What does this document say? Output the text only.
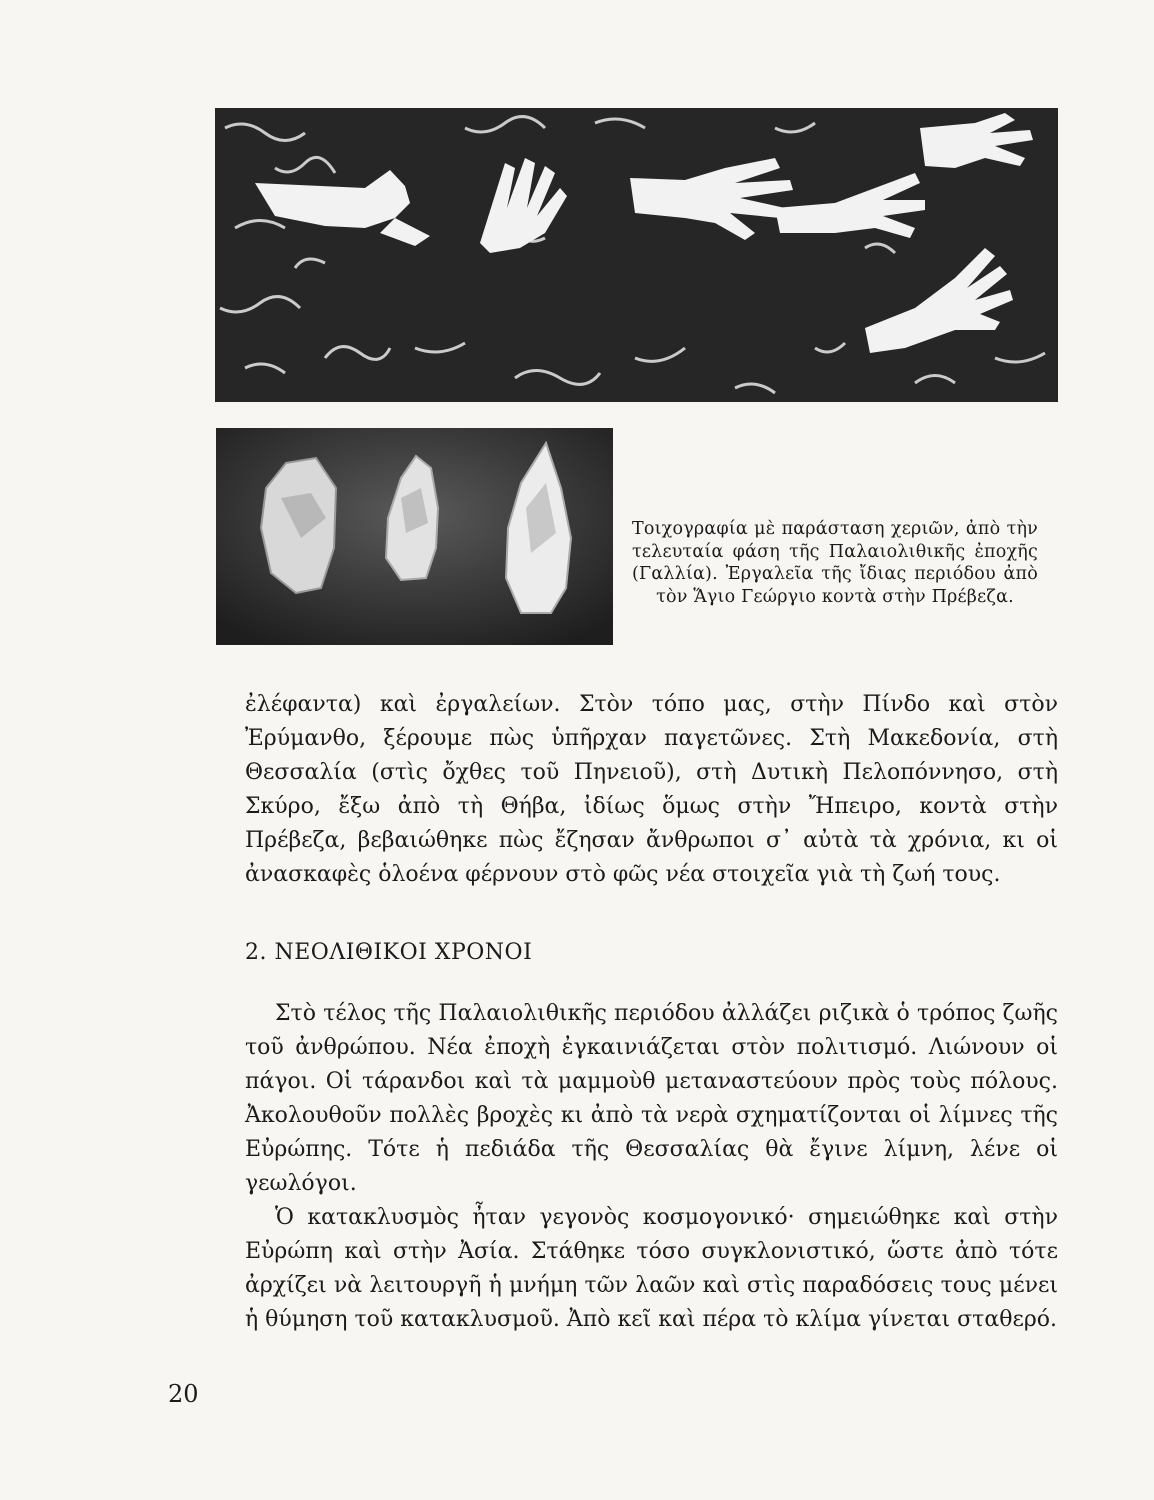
Τοιχογραφία μὲ παράσταση χεριῶν, ἀπὸ τὴν τελευταία φάση τῆς Παλαιολιθικῆς ἐποχῆς (Γαλλία). Ἐργαλεῖα τῆς ἴδιας περιόδου ἀπὸ τὸν Ἅγιο Γεώργιο κοντὰ στὴν Πρέβεζα.

ἐλέφαντα) καὶ ἐργαλείων. Στὸν τόπο μας, στὴν Πίνδο καὶ στὸν Ἐρύμανθο, ξέρουμε πὼς ὑπῆρχαν παγετῶνες. Στὴ Μακεδονία, στὴ Θεσσαλία (στὶς ὄχθες τοῦ Πηνειοῦ), στὴ Δυτικὴ Πελοπόννησο, στὴ Σκύρο, ἔξω ἀπὸ τὴ Θήβα, ἰδίως ὅμως στὴν Ἤπειρο, κοντὰ στὴν Πρέβεζα, βεβαιώθηκε πὼς ἔζησαν ἄνθρωποι σ᾽ αὐτὰ τὰ χρόνια, κι οἱ ἀνασκαφὲς ὁλοένα φέρνουν στὸ φῶς νέα στοιχεῖα γιὰ τὴ ζωή τους.

2. ΝΕΟΛΙΘΙΚΟΙ ΧΡΟΝΟΙ

Στὸ τέλος τῆς Παλαιολιθικῆς περιόδου ἀλλάζει ριζικὰ ὁ τρόπος ζωῆς τοῦ ἀνθρώπου. Νέα ἐποχὴ ἐγκαινιάζεται στὸν πολιτισμό. Λιώνουν οἱ πάγοι. Οἱ τάρανδοι καὶ τὰ μαμμοὺθ μεταναστεύουν πρὸς τοὺς πόλους. Ἀκολουθοῦν πολλὲς βροχὲς κι ἀπὸ τὰ νερὰ σχηματίζονται οἱ λίμνες τῆς Εὐρώπης. Τότε ἡ πεδιάδα τῆς Θεσσαλίας θὰ ἔγινε λίμνη, λένε οἱ γεωλόγοι.

Ὁ κατακλυσμὸς ἦταν γεγονὸς κοσμογονικό· σημειώθηκε καὶ στὴν Εὐρώπη καὶ στὴν Ἀσία. Στάθηκε τόσο συγκλονιστικό, ὥστε ἀπὸ τότε ἀρχίζει νὰ λειτουργῆ ἡ μνήμη τῶν λαῶν καὶ στὶς παραδόσεις τους μένει ἡ θύμηση τοῦ κατακλυσμοῦ. Ἀπὸ κεῖ καὶ πέρα τὸ κλίμα γίνεται σταθερό.

20
